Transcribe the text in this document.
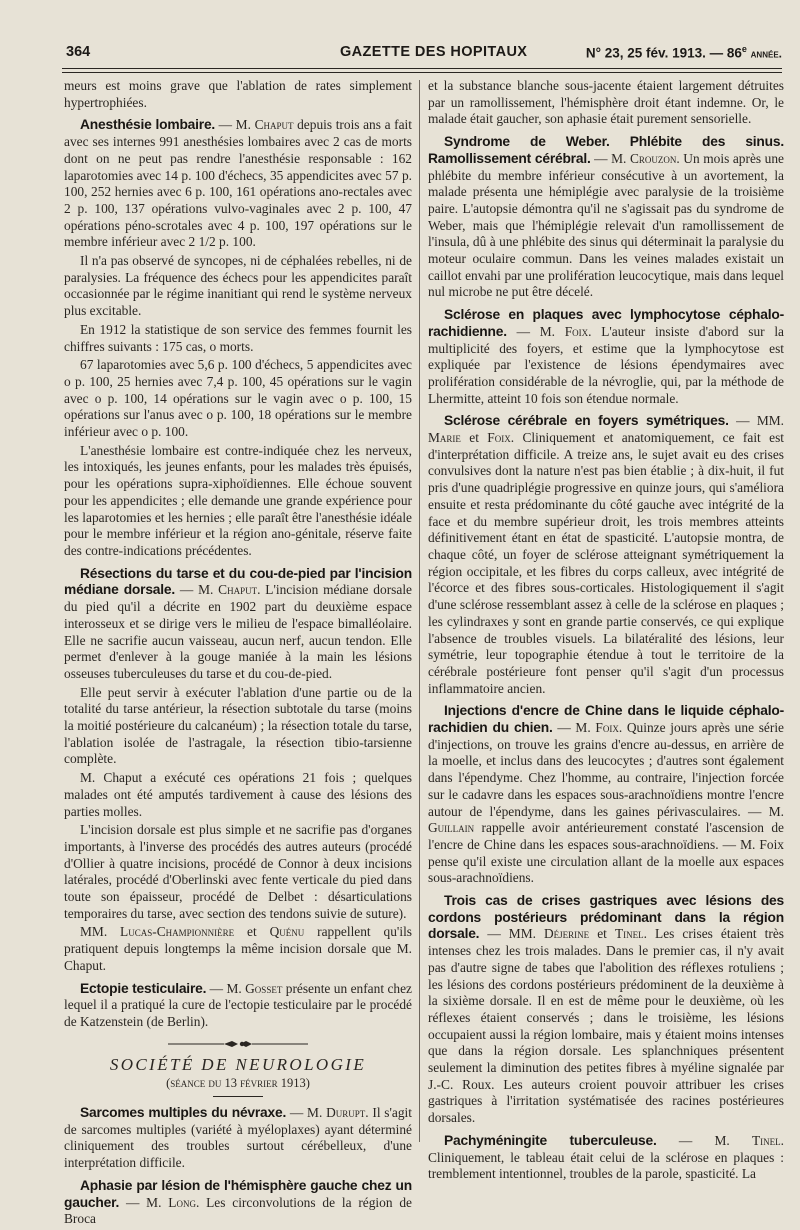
364	GAZETTE DES HOPITAUX	N° 23, 25 fév. 1913. — 86e année.

meurs est moins grave que l'ablation de rates simplement hypertrophiées.

Anesthésie lombaire. — M. Chaput depuis trois ans a fait avec ses internes 991 anesthésies lombaires avec 2 cas de morts dont on ne peut pas rendre l'anesthésie responsable : 162 laparotomies avec 14 p. 100 d'échecs, 35 appendicites avec 57 p. 100, 252 hernies avec 6 p. 100, 161 opérations ano-rectales avec 2 p. 100, 137 opérations vulvo-vaginales avec 2 p. 100, 47 opérations péno-scrotales avec 4 p. 100, 197 opérations sur le membre inférieur avec 2 1/2 p. 100.

Il n'a pas observé de syncopes, ni de céphalées rebelles, ni de paralysies. La fréquence des échecs pour les appendicites paraît occasionnée par le régime inanitiant qui rend le système nerveux plus excitable.

En 1912 la statistique de son service des femmes fournit les chiffres suivants : 175 cas, o morts.

67 laparotomies avec 5,6 p. 100 d'échecs, 5 appendicites avec o p. 100, 25 hernies avec 7,4 p. 100, 45 opérations sur le vagin avec o p. 100, 14 opérations sur le vagin avec o p. 100, 15 opérations sur l'anus avec o p. 100, 18 opérations sur le membre inférieur avec o p. 100.

L'anesthésie lombaire est contre-indiquée chez les nerveux, les intoxiqués, les jeunes enfants, pour les malades très épuisés, pour les opérations supra-xiphoïdiennes. Elle échoue souvent pour les appendicites ; elle demande une grande expérience pour les laparotomies et les hernies ; elle paraît être l'anesthésie idéale pour le membre inférieur et la région ano-génitale, réserve faite des contre-indications précédentes.

Résections du tarse et du cou-de-pied par l'incision médiane dorsale. — M. Chaput. L'incision médiane dorsale du pied qu'il a décrite en 1902 part du deuxième espace interosseux et se dirige vers le milieu de l'espace bimalléolaire. Elle ne sacrifie aucun vaisseau, aucun nerf, aucun tendon. Elle permet d'enlever à la gouge maniée à la main les lésions osseuses tuberculeuses du tarse et du cou-de-pied.

Elle peut servir à exécuter l'ablation d'une partie ou de la totalité du tarse antérieur, la résection subtotale du tarse (moins la moitié postérieure du calcanéum) ; la résection totale du tarse, l'ablation isolée de l'astragale, la résection tibio-tarsienne complète.

M. Chaput a exécuté ces opérations 21 fois ; quelques malades ont été amputés tardivement à cause des lésions des parties molles.

L'incision dorsale est plus simple et ne sacrifie pas d'organes importants, à l'inverse des procédés des autres auteurs (procédé d'Ollier à quatre incisions, procédé de Connor à deux incisions latérales, procédé d'Oberlinski avec fente verticale du pied dans toute son épaisseur, procédé de Delbet : désarticulations temporaires du tarse, avec section des tendons suivie de suture).

MM. Lucas-Championnière et Quénu rappellent qu'ils pratiquent depuis longtemps la même incision dorsale que M. Chaput.

Ectopie testiculaire. — M. Gosset présente un enfant chez lequel il a pratiqué la cure de l'ectopie testiculaire par le procédé de Katzenstein (de Berlin).

SOCIÉTÉ DE NEUROLOGIE

(séance du 13 février 1913)

Sarcomes multiples du névraxe. — M. Durupt. Il s'agit de sarcomes multiples (variété à myéloplaxes) ayant déterminé cliniquement des troubles surtout cérébelleux, d'une interprétation difficile.

Aphasie par lésion de l'hémisphère gauche chez un gaucher. — M. Long. Les circonvolutions de la région de Broca

et la substance blanche sous-jacente étaient largement détruites par un ramollissement, l'hémisphère droit étant indemne. Or, le malade était gaucher, son aphasie était purement sensorielle.

Syndrome de Weber. Phlébite des sinus. Ramollissement cérébral. — M. Crouzon. Un mois après une phlébite du membre inférieur consécutive à un avortement, la malade présenta une hémiplégie avec paralysie de la troisième paire. L'autopsie démontra qu'il ne s'agissait pas du syndrome de Weber, mais que l'hémiplégie relevait d'un ramollissement de l'insula, dû à une phlébite des sinus qui déterminait la paralysie du moteur oculaire commun. Dans les veines malades existait un caillot envahi par une prolifération leucocytique, mais dans lequel nul microbe ne put être décelé.

Sclérose en plaques avec lymphocytose céphalo-rachidienne. — M. Foix. L'auteur insiste d'abord sur la multiplicité des foyers, et estime que la lymphocytose est expliquée par l'existence de lésions épendymaires avec prolifération considérable de la névroglie, qui, par la méthode de Lhermitte, atteint 10 fois son étendue normale.

Sclérose cérébrale en foyers symétriques. — MM. Marie et Foix. Cliniquement et anatomiquement, ce fait est d'interprétation difficile. A treize ans, le sujet avait eu des crises convulsives dont la nature n'est pas bien établie ; à dix-huit, il fut pris d'une quadriplégie progressive en quinze jours, qui s'améliora ensuite et resta prédominante du côté gauche avec intégrité de la face et du membre supérieur droit, les trois membres atteints définitivement étant en état de spasticité. L'autopsie montra, de chaque côté, un foyer de sclérose atteignant symétriquement la région occipitale, et les fibres du corps calleux, avec intégrité de l'écorce et des fibres sous-corticales. Histologiquement il s'agit d'une sclérose ressemblant assez à celle de la sclérose en plaques ; les cylindraxes y sont en grande partie conservés, ce qui explique l'absence de troubles visuels. La bilatéralité des lésions, leur symétrie, leur topographie étendue à tout le territoire de la cérébrale postérieure font penser qu'il s'agit d'un processus inflammatoire ancien.

Injections d'encre de Chine dans le liquide céphalo-rachidien du chien. — M. Foix. Quinze jours après une série d'injections, on trouve les grains d'encre au-dessus, en arrière de la moelle, et inclus dans des leucocytes ; d'autres sont également dans l'épendyme. Chez l'homme, au contraire, l'injection forcée sur le cadavre dans les espaces sous-arachnoïdiens montre l'encre autour de l'épendyme, dans les gaines périvasculaires. — M. Guillain rappelle avoir antérieurement constaté l'ascension de l'encre de Chine dans les espaces sous-arachnoïdiens. — M. Foix pense qu'il existe une circulation allant de la moelle aux espaces sous-arachnoïdiens.

Trois cas de crises gastriques avec lésions des cordons postérieurs prédominant dans la région dorsale. — MM. Déjerine et Tinel. Les crises étaient très intenses chez les trois malades. Dans le premier cas, il n'y avait pas d'autre signe de tabes que l'abolition des réflexes rotuliens ; les lésions des cordons postérieurs prédominent de la deuxième à la sixième dorsale. Il en est de même pour le deuxième, où les réflexes étaient conservés ; dans le troisième, les lésions occupaient aussi la région lombaire, mais y étaient moins intenses que dans la région dorsale. Les splanchniques présentent seulement la diminution des petites fibres à myéline signalée par J.-C. Roux. Les auteurs croient pouvoir attribuer les crises gastriques à l'irritation systématisée des racines postérieures dorsales.

Pachyméningite tuberculeuse. — M. Tinel. Cliniquement, le tableau était celui de la sclérose en plaques : tremblement intentionnel, troubles de la parole, spasticité. La
